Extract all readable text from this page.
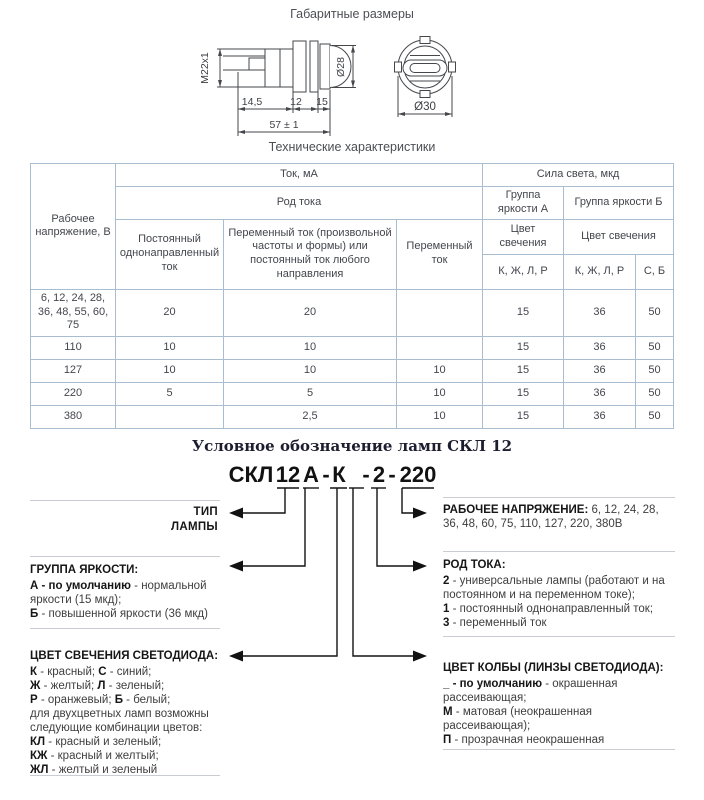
Габаритные размеры
M22x1	Ø28
14,5	12 15
57 ± 1
Ø30
Технические характеристики
Рабочее напряжение, В	Ток, мА			Сила света, мкд		
	Род тока			Группа яркости А	Группа яркости Б	
	Постоянный однонаправленный ток	Переменный ток (произвольной частоты и формы) или постоянный ток любого направления	Переменный ток	Цвет свечения	Цвет свечения	
				К, Ж, Л, Р	К, Ж, Л, Р	С, Б
6, 12, 24, 28, 36, 48, 55, 60, 75	20	20		15	36	50
110	10	10		15	36	50
127	10	10	10	15	36	50
220	5	5	10	15	36	50
380		2,5	10	15	36	50
Условное обозначение ламп СКЛ 12
СКЛ 12 А - К - 2 - 220
ТИП
ЛАМПЫ
ГРУППА ЯРКОСТИ:
А - по умолчанию - нормальной яркости (15 мкд);
Б - повышенной яркости (36 мкд)
ЦВЕТ СВЕЧЕНИЯ СВЕТОДИОДА:
К - красный; С - синий;
Ж - желтый; Л - зеленый;
Р - оранжевый; Б - белый;
для двухцветных ламп возможны следующие комбинации цветов:
КЛ - красный и зеленый;
КЖ - красный и желтый;
ЖЛ - желтый и зеленый
РАБОЧЕЕ НАПРЯЖЕНИЕ: 6, 12, 24, 28, 36, 48, 60, 75, 110, 127, 220, 380В
РОД ТОКА:
2 - универсальные лампы (работают и на постоянном и на переменном токе);
1 - постоянный однонаправленный ток;
3 - переменный ток
ЦВЕТ КОЛБЫ (ЛИНЗЫ СВЕТОДИОДА):
_ - по умолчанию - окрашенная рассеивающая;
М - матовая (неокрашенная рассеивающая);
П - прозрачная неокрашенная
